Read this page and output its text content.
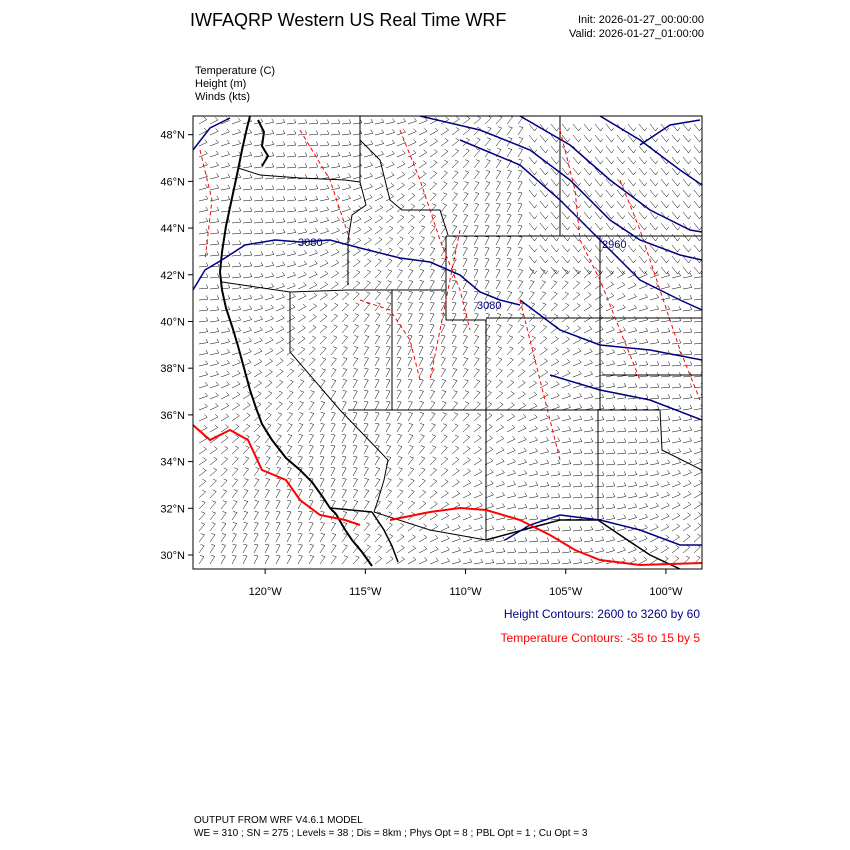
IWFAQRP Western US Real Time WRF	Init: 2026-01-27_00:00:00
Valid: 2026-01-27_01:00:00
Temperature (C)
Height (m)
Winds (kts)
3080
3080
2960
48°N
46°N
44°N
42°N
40°N
38°N
36°N
34°N
32°N
30°N
120°W	115°W	110°W	105°W	100°W
Height Contours: 2600 to 3260 by 60
Temperature Contours: -35 to 15 by 5
OUTPUT FROM WRF V4.6.1 MODEL
WE = 310 ; SN = 275 ; Levels = 38 ; Dis = 8km ; Phys Opt = 8 ; PBL Opt = 1 ; Cu Opt = 3
